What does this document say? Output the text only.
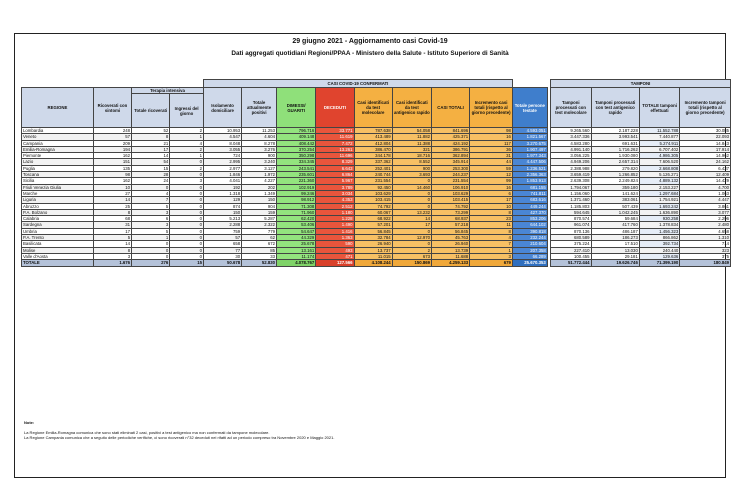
29 giugno 2021 - Aggiornamento casi Covid-19
Dati aggregati quotidiani Regioni/PPAA - Ministero della Salute - Istituto Superiore di Sanità
				CASI COVID-19 CONFERMATI										TAMPONI			
REGIONE	Ricoverati con sintomi	Terapia intensiva		Isolamento domiciliare	Totale attualmente positivi	DIMESSI/ GUARITI	DECEDUTI	Casi identificati da test molecolare	Casi identificati da test antigenico rapido	CASI TOTALI	Incremento casi totali (rispetto al giorno precedente)	Totale persone testate		Tamponi processati con test molecolare	Tamponi processati con test antigenico rapido	TOTALE tamponi effettuati	Incremento tamponi totali (rispetto al giorno precedente)
		Totale ricoverati	Ingressi del giorno														
Lombardia	248	52	2	10.953	11.253	796.716	33.771	787.638	54.058	841.696	98	4.593.051		9.265.560	2.187.228	11.552.788	30.085
Veneto	57	8	1	4.547	4.604	409.148	11.619	413.489	11.882	425.371	16	1.821.567		3.447.336	3.993.541	7.440.877	22.093
Campania	209	21	4	8.048	8.278	408.442	7.472	412.804	11.388	424.192	117	3.270.675		4.583.280	691.631	5.274.911	14.843
Emilia-Romagna	194	17	2	3.055	3.276	370.254	13.261	386.470	321	386.791	36	1.907.497		4.991.140	1.716.262	6.707.402	17.914
Piemonte	162	14	1	724	900	350.298	11.696	344.178	18.716	362.894	31	1.977.343		3.056.225	1.930.080	4.986.305	14.962
Lazio	151	54	0	2.995	3.240	334.345	8.329	337.362	8.552	345.914	44	4.447.506		4.949.206	2.657.314	7.606.520	24.162
Puglia	135	15	2	2.977	3.127	243.541	6.643	252.401	900	253.300	59	1.236.521		2.388.988	279.820	2.668.808	6.437
Toscana	98	28	0	1.846	1.972	235.601	6.864	240.744	3.693	244.237	12	2.356.363		3.659.419	1.266.852	5.126.271	12.409
Sicilia	162	24	3	4.041	4.227	221.360	5.967	231.554	0	231.554	99	1.853.913		2.639.308	2.249.824	4.889.132	14.429
Friuli Venezia Giulia	10	0	0	192	202	102.919	3.789	92.450	14.460	106.910	16	681.155		1.794.067	359.180	2.153.227	4.700
Marche	27	4	0	1.318	1.349	99.246	3.034	103.629	0	103.629	6	741.811		1.156.060	141.624	1.297.684	1.063
Liguria	14	7	0	129	150	98.912	4.353	103.415	0	103.415	17	683.616		1.371.460	383.061	1.754.921	4.447
Abruzzo	25	5	0	874	904	71.308	2.512	74.792	0	74.792	10	449.244		1.185.803	507.439	1.693.242	3.861
P.A. Bolzano	8	3	0	150	159	71.960	1.180	60.067	13.232	73.299	8	427.370		594.645	1.042.245	1.636.890	3.077
Calabria	68	6	0	5.213	5.287	62.420	1.228	68.922	14	68.937	23	853.206		870.574	59.684	930.258	2.296
Sardegna	31	3	0	2.288	2.322	53.406	1.490	57.201	17	57.218	11	644.102		961.074	417.760	1.378.834	2.480
Umbria	17	5	0	759	779	54.647	1.416	56.845	0	56.845	8	390.818		870.136	486.187	1.456.323	4.658
P.A. Trento	5	1	0	57	62	44.329	1.363	32.784	12.970	45.763	4	232.244		680.589	186.273	866.862	1.310
Basilicata	14	0	0	658	672	25.678	590	26.940	0	26.940	7	210.604		375.224	17.510	392.734	714
Molise	8	0	0	77	85	13.161	493	13.737	2	13.739	1	207.358		227.410	13.030	240.440	323
Valle d'Aosta	3	0	0	30	33	11.174	471	11.015	673	11.688	3	66.289		100.455	29.181	129.636	375
TOTALE	1.676	276	15	50.678	52.830	4.078.767	127.566	4.108.244	150.869	4.259.133	679	25.670.353		51.772.444	19.626.746	71.399.190	180.849
Note:
La Regione Emilia-Romagna comunica che sono stati eliminati 2 casi, positivi a test antigenico ma non confermati da tampone molecolare.
La Regione Campania comunica che a seguito delle periodiche verifiche, ci sono ricoverati n°32 deceduti nei rifatti ad un periodo compreso tra Novembre 2020 e Maggio 2021.
